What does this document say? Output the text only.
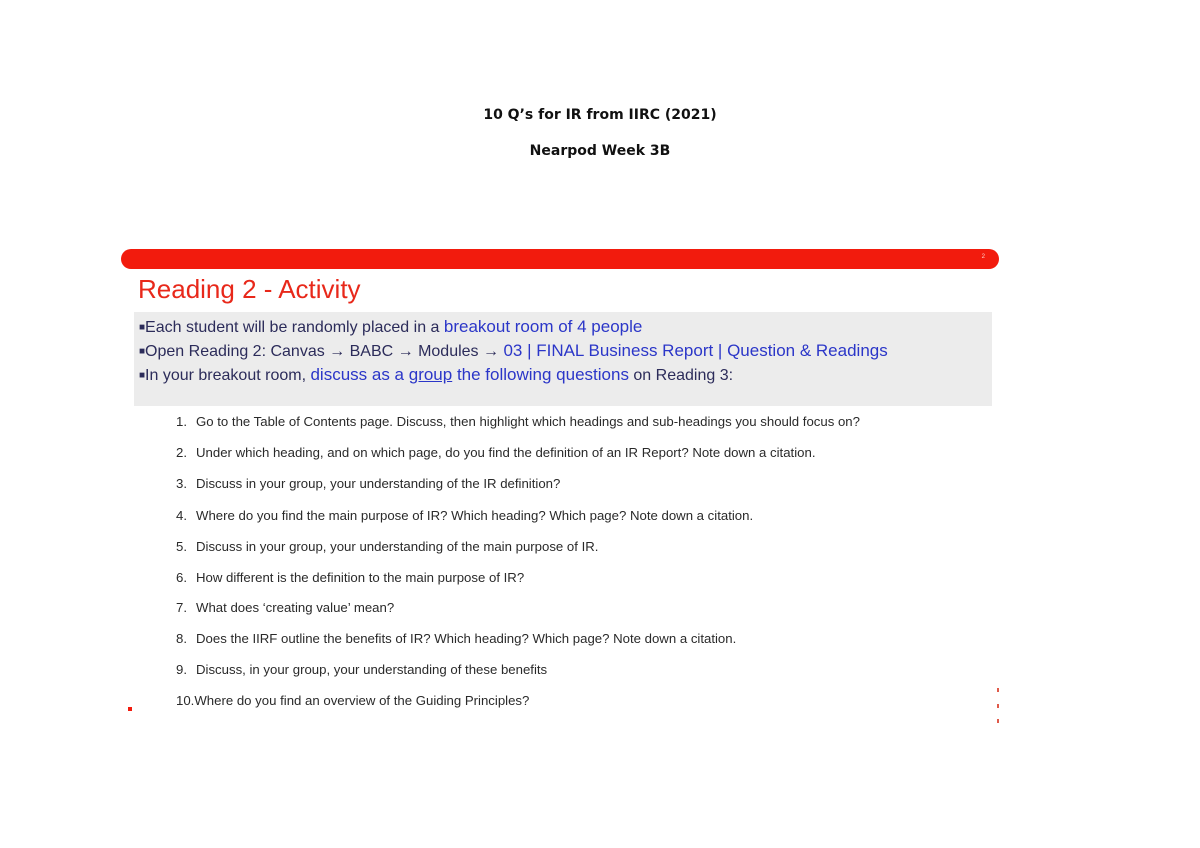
10 Q’s for IR from IIRC (2021)
Nearpod Week 3B
2
Reading 2 - Activity
■Each student will be randomly placed in a breakout room of 4 people
■Open Reading 2: Canvas → BABC → Modules → 03 | FINAL Business Report | Question & Readings
■In your breakout room, discuss as a group the following questions on Reading 3:
1. Go to the Table of Contents page. Discuss, then highlight which headings and sub-headings you should focus on?
2. Under which heading, and on which page, do you find the definition of an IR Report? Note down a citation.
3. Discuss in your group, your understanding of the IR definition?
4. Where do you find the main purpose of IR? Which heading? Which page? Note down a citation.
5. Discuss in your group, your understanding of the main purpose of IR.
6. How different is the definition to the main purpose of IR?
7. What does ‘creating value’ mean?
8. Does the IIRF outline the benefits of IR? Which heading? Which page? Note down a citation.
9. Discuss, in your group, your understanding of these benefits
10.Where do you find an overview of the Guiding Principles?
